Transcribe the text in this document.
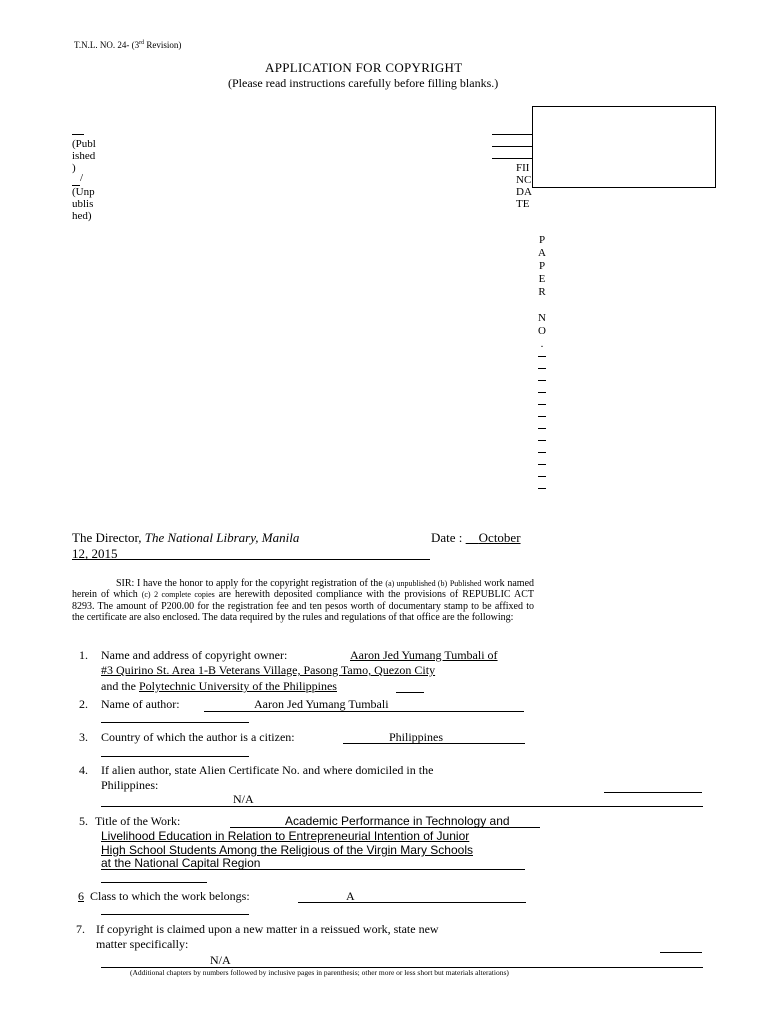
T.N.L. NO. 24- (3rd Revision)
APPLICATION FOR COPYRIGHT
(Please read instructions carefully before filling blanks.)
(Publ
ished
)
/
(Unp
ublis
hed)
FII
NC
DA
TE
P
A
P
E
R
N
O
.
The Director, The National Library, Manila	Date :     October
12, 2015
SIR: I have the honor to apply for the copyright registration of the (a) unpublished (b) Published work named herein of which (c) 2 complete copies are herewith deposited compliance with the provisions of REPUBLIC ACT 8293. The amount of P200.00 for the registration fee and ten pesos worth of documentary stamp to be affixed to the certificate are also enclosed. The data required by the rules and regulations of that office are the following:
1. Name and address of copyright owner:	Aaron Jed Yumang Tumbali of
#3 Quirino St. Area 1-B Veterans Village, Pasong Tamo, Quezon City
and the Polytechnic University of the Philippines
2. Name of author:	Aaron Jed Yumang Tumbali
3. Country of which the author is a citizen:	Philippines
4. If alien author, state Alien Certificate No. and where domiciled in the
Philippines:
N/A
5. Title of the Work:	Academic Performance in Technology and
Livelihood Education in Relation to Entrepreneurial Intention of Junior
High School Students Among the Religious of the Virgin Mary Schools
at the National Capital Region
6 Class to which the work belongs:	A
7. If copyright is claimed upon a new matter in a reissued work, state new
matter specifically:
N/A
(Additional chapters by numbers followed by inclusive pages in parenthesis; other more or less short but materials alterations)
